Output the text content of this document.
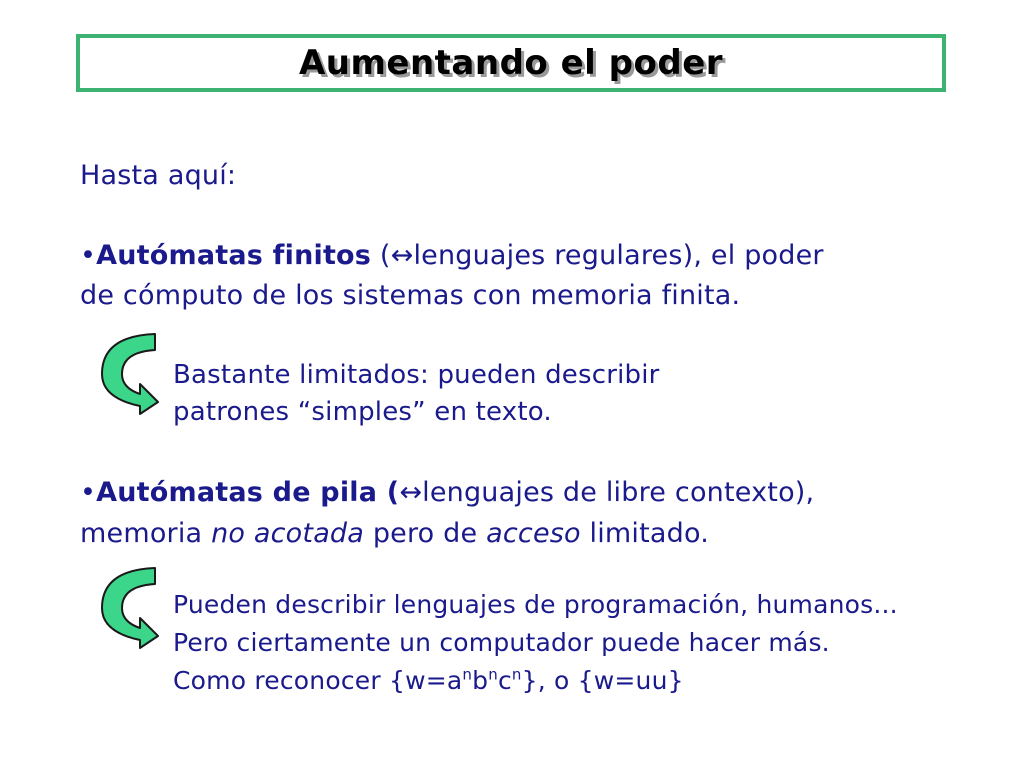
Aumentando el poder
Hasta aquí:
•Autómatas finitos (↔lenguajes regulares), el poder
de cómputo de los sistemas con memoria finita.
Bastante limitados: pueden describir
patrones “simples” en texto.
•Autómatas de pila (↔lenguajes de libre contexto),
memoria no acotada pero de acceso limitado.
Pueden describir lenguajes de programación, humanos...
Pero ciertamente un computador puede hacer más.
Como reconocer $\{w=a^nb^nc^n\}$, o {w=uu}
